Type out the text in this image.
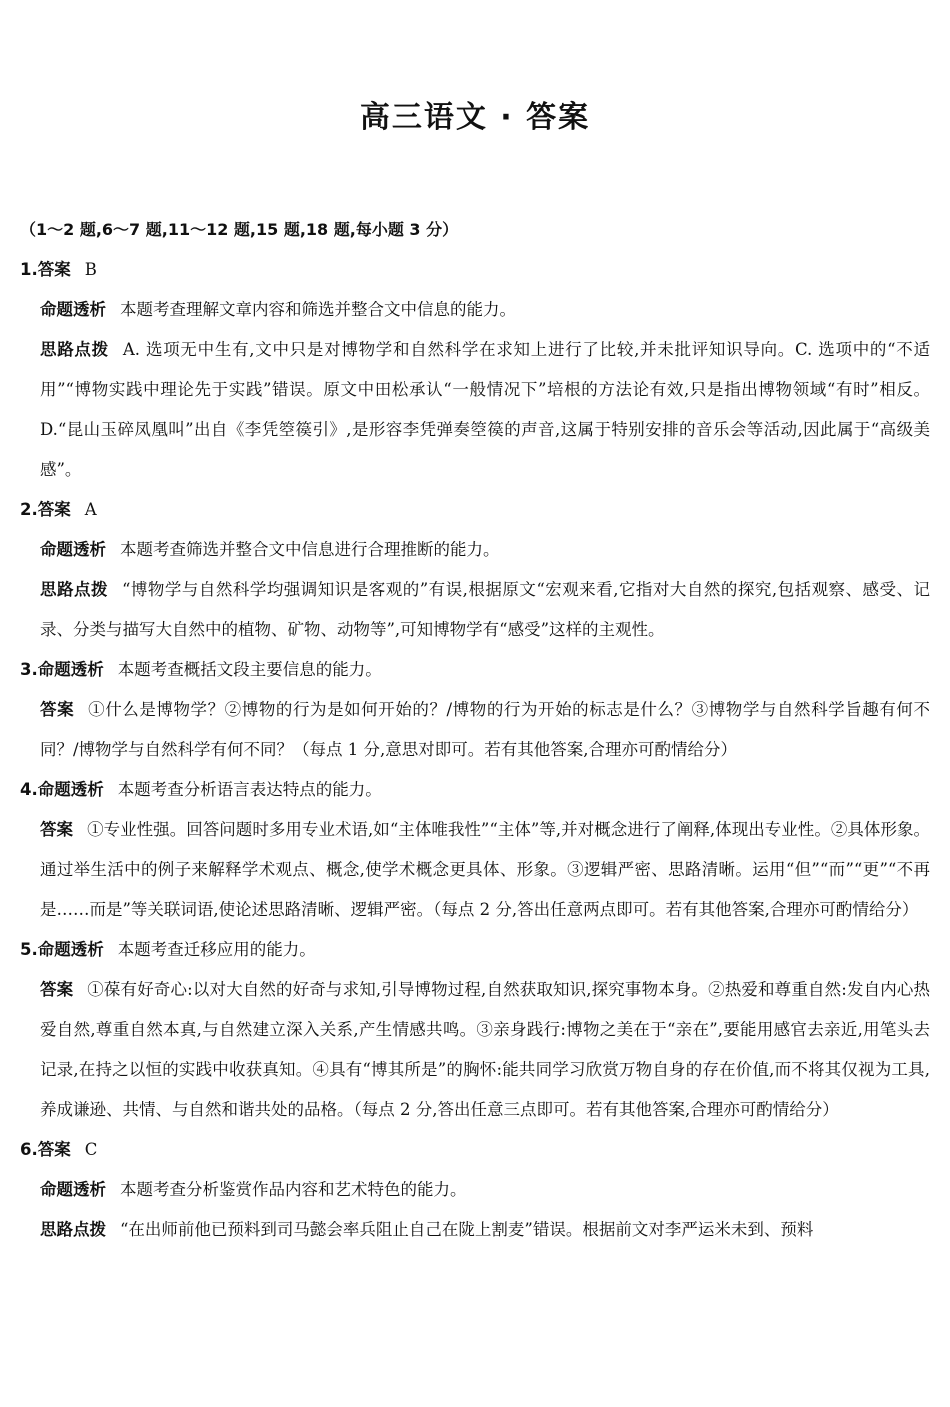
高三语文 · 答案

（1～2 题,6～7 题,11～12 题,15 题,18 题,每小题 3 分）

1.答案 B

命题透析 本题考查理解文章内容和筛选并整合文中信息的能力。

思路点拨 A. 选项无中生有,文中只是对博物学和自然科学在求知上进行了比较,并未批评知识导向。C. 选项中的“不适用”“博物实践中理论先于实践”错误。原文中田松承认“一般情况下”培根的方法论有效,只是指出博物领域“有时”相反。D.“昆山玉碎凤凰叫”出自《李凭箜篌引》,是形容李凭弹奏箜篌的声音,这属于特别安排的音乐会等活动,因此属于“高级美感”。

2.答案 A

命题透析 本题考查筛选并整合文中信息进行合理推断的能力。

思路点拨 “博物学与自然科学均强调知识是客观的”有误,根据原文“宏观来看,它指对大自然的探究,包括观察、感受、记录、分类与描写大自然中的植物、矿物、动物等”,可知博物学有“感受”这样的主观性。

3.命题透析 本题考查概括文段主要信息的能力。

答案 ①什么是博物学？②博物的行为是如何开始的？/博物的行为开始的标志是什么？③博物学与自然科学旨趣有何不同？/博物学与自然科学有何不同？（每点 1 分,意思对即可。若有其他答案,合理亦可酌情给分）

4.命题透析 本题考查分析语言表达特点的能力。

答案 ①专业性强。回答问题时多用专业术语,如“主体唯我性”“主体”等,并对概念进行了阐释,体现出专业性。②具体形象。通过举生活中的例子来解释学术观点、概念,使学术概念更具体、形象。③逻辑严密、思路清晰。运用“但”“而”“更”“不再是……而是”等关联词语,使论述思路清晰、逻辑严密。（每点 2 分,答出任意两点即可。若有其他答案,合理亦可酌情给分）

5.命题透析 本题考查迁移应用的能力。

答案 ①葆有好奇心:以对大自然的好奇与求知,引导博物过程,自然获取知识,探究事物本身。②热爱和尊重自然:发自内心热爱自然,尊重自然本真,与自然建立深入关系,产生情感共鸣。③亲身践行:博物之美在于“亲在”,要能用感官去亲近,用笔头去记录,在持之以恒的实践中收获真知。④具有“博其所是”的胸怀:能共同学习欣赏万物自身的存在价值,而不将其仅视为工具,养成谦逊、共情、与自然和谐共处的品格。（每点 2 分,答出任意三点即可。若有其他答案,合理亦可酌情给分）

6.答案 C

命题透析 本题考查分析鉴赏作品内容和艺术特色的能力。

思路点拨 “在出师前他已预料到司马懿会率兵阻止自己在陇上割麦”错误。根据前文对李严运米未到、预料
